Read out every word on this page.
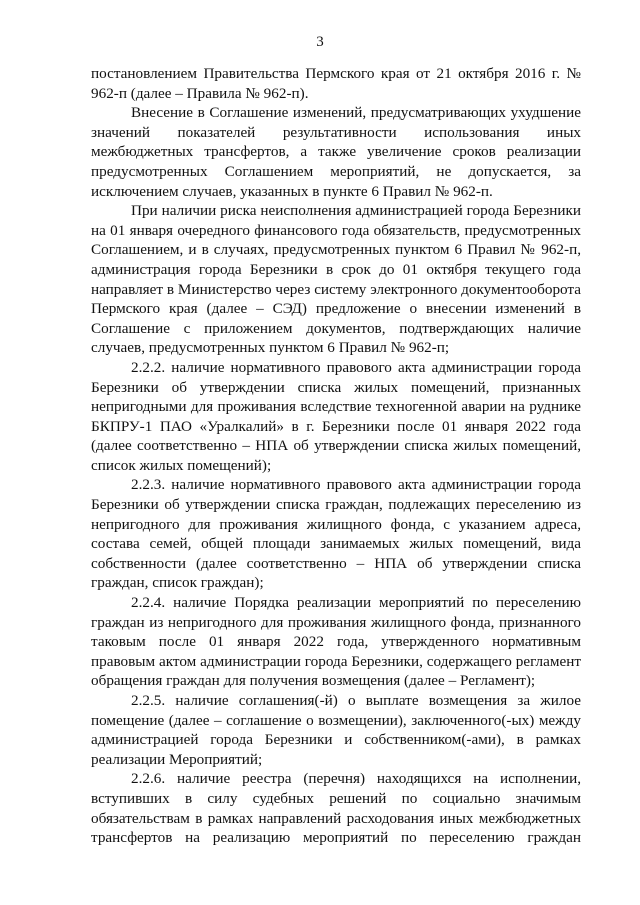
3

постановлением Правительства Пермского края от 21 октября 2016 г. № 962-п (далее – Правила № 962-п).

Внесение в Соглашение изменений, предусматривающих ухудшение значений показателей результативности использования иных межбюджетных трансфертов, а также увеличение сроков реализации предусмотренных Соглашением мероприятий, не допускается, за исключением случаев, указанных в пункте 6 Правил № 962-п.

При наличии риска неисполнения администрацией города Березники на 01 января очередного финансового года обязательств, предусмотренных Соглашением, и в случаях, предусмотренных пунктом 6 Правил № 962-п, администрация города Березники в срок до 01 октября текущего года направляет в Министерство через систему электронного документооборота Пермского края (далее – СЭД) предложение о внесении изменений в Соглашение с приложением документов, подтверждающих наличие случаев, предусмотренных пунктом 6 Правил № 962-п;

2.2.2. наличие нормативного правового акта администрации города Березники об утверждении списка жилых помещений, признанных непригодными для проживания вследствие техногенной аварии на руднике БКПРУ-1 ПАО «Уралкалий» в г. Березники после 01 января 2022 года (далее соответственно – НПА об утверждении списка жилых помещений, список жилых помещений);

2.2.3. наличие нормативного правового акта администрации города Березники об утверждении списка граждан, подлежащих переселению из непригодного для проживания жилищного фонда, с указанием адреса, состава семей, общей площади занимаемых жилых помещений, вида собственности (далее соответственно – НПА об утверждении списка граждан, список граждан);

2.2.4. наличие Порядка реализации мероприятий по переселению граждан из непригодного для проживания жилищного фонда, признанного таковым после 01 января 2022 года, утвержденного нормативным правовым актом администрации города Березники, содержащего регламент обращения граждан для получения возмещения (далее – Регламент);

2.2.5. наличие соглашения(-й) о выплате возмещения за жилое помещение (далее – соглашение о возмещении), заключенного(-ых) между администрацией города Березники и собственником(-ами), в рамках реализации Мероприятий;

2.2.6. наличие реестра (перечня) находящихся на исполнении, вступивших в силу судебных решений по социально значимым обязательствам в рамках направлений расходования иных межбюджетных трансфертов на реализацию мероприятий по переселению граждан
